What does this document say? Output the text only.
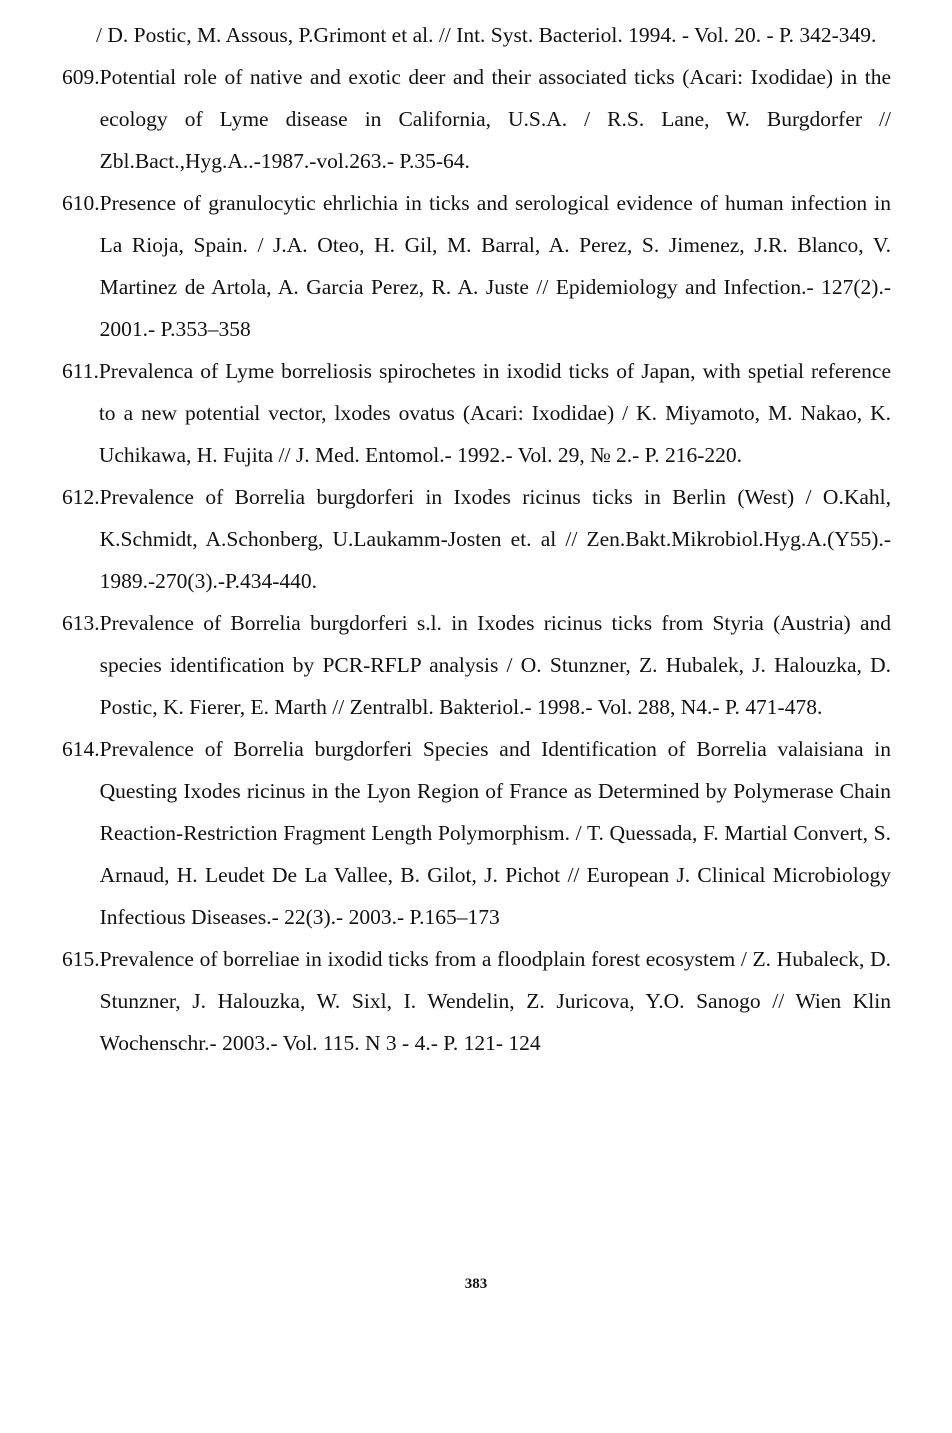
/ D. Postic, M. Assous, P.Grimont et al. // Int. Syst. Bacteriol. 1994. - Vol. 20. - P. 342-349.
609. Potential role of native and exotic deer and their associated ticks (Acari: Ixodidae) in the ecology of Lyme disease in California, U.S.A. / R.S. Lane, W. Burgdorfer // Zbl.Bact.,Hyg.A..-1987.-vol.263.- P.35-64.
610. Presence of granulocytic ehrlichia in ticks and serological evidence of human infection in La Rioja, Spain. / J.A. Oteo, H. Gil, M. Barral, A. Perez, S. Jimenez, J.R. Blanco, V. Martinez de Artola, A. Garcia Perez, R. A. Juste // Epidemiology and Infection.- 127(2).- 2001.- P.353–358
611. Prevalenca of Lyme borreliosis spirochetes in ixodid ticks of Japan, with spetial reference to a new potential vector, lxodes ovatus (Acari: Ixodidae) / K. Miyamoto, M. Nakao, K. Uchikawa, H. Fujita // J. Med. Entomol.- 1992.- Vol. 29, № 2.- P. 216-220.
612. Prevalence of Borrelia burgdorferi in Ixodes ricinus ticks in Berlin (West) / O.Kahl, K.Schmidt, A.Schonberg, U.Laukamm-Josten et. al // Zen.Bakt.Mikrobiol.Hyg.A.(Y55).- 1989.-270(3).-P.434-440.
613. Prevalence of Borrelia burgdorferi s.l. in Ixodes ricinus ticks from Styria (Austria) and species identification by PCR-RFLP analysis / O. Stunzner, Z. Hubalek, J. Halouzka, D. Postic, K. Fierer, E. Marth // Zentralbl. Bakteriol.- 1998.- Vol. 288, N4.- P. 471-478.
614. Prevalence of Borrelia burgdorferi Species and Identification of Borrelia valaisiana in Questing Ixodes ricinus in the Lyon Region of France as Determined by Polymerase Chain Reaction-Restriction Fragment Length Polymorphism. / T. Quessada, F. Martial Convert, S. Arnaud, H. Leudet De La Vallee, B. Gilot, J. Pichot // European J. Clinical Microbiology Infectious Diseases.- 22(3).- 2003.- P.165–173
615. Prevalence of borreliae in ixodid ticks from a floodplain forest ecosystem / Z. Hubaleck, D. Stunzner, J. Halouzka, W. Sixl, I. Wendelin, Z. Juricova, Y.O. Sanogo // Wien Klin Wochenschr.- 2003.- Vol. 115. N 3 - 4.- P. 121- 124
383
